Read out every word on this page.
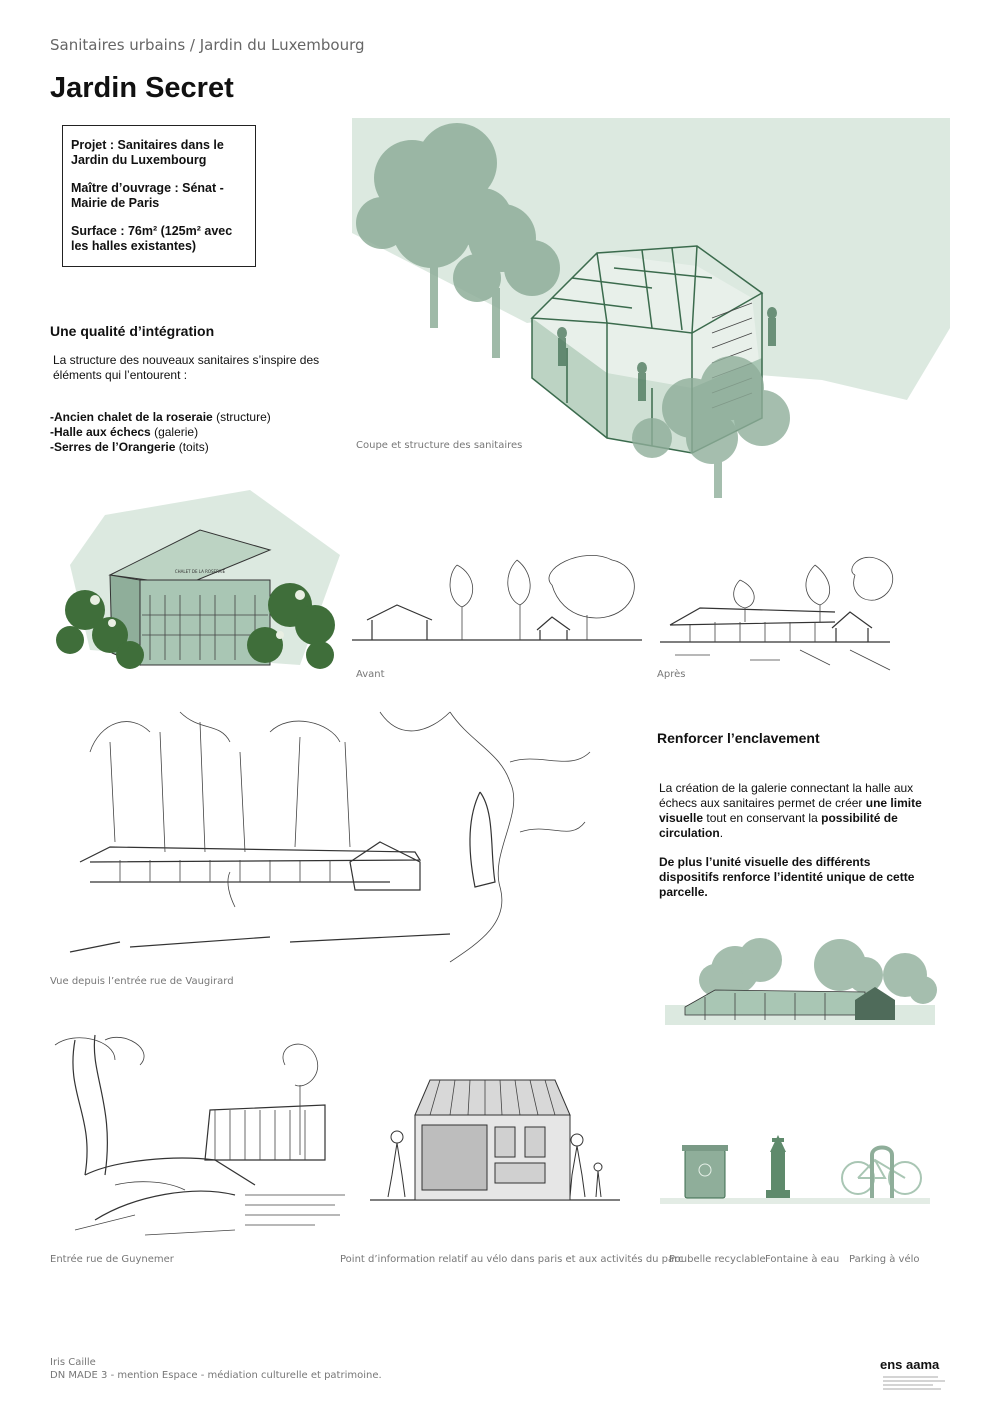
Sanitaires urbains / Jardin du Luxembourg
Jardin Secret

Projet : Sanitaires dans le Jardin du Luxembourg

Maître d’ouvrage : Sénat - Mairie de Paris

Surface : 76m² (125m² avec les halles existantes)

Une qualité d’intégration
La structure des nouveaux sanitaires s’inspire des éléments qui l’entourent :

-Ancien chalet de la roseraie (structure)

-Halle aux échecs (galerie)

-Serres de l’Orangerie (toits)	Coupe et structure des sanitaires
CHALET DE LA ROSERAIE
Avant	Après
Vue depuis l’entrée rue de Vaugirard
Renforcer l’enclavement

La création de la galerie connectant la halle aux échecs aux sanitaires permet de créer une limite visuelle tout en conservant la possibilité de circulation.

De plus l’unité visuelle des différents dispositifs renforce l’identité unique de cette parcelle.

Entrée rue de Guynemer	Point d’information relatif au vélo dans paris et aux activités du parc
Poubelle recyclable Fontaine à eau Parking à vélo
Iris Caille
DN MADE 3 - mention Espace - médiation culturelle et patrimoine.
ens aama
